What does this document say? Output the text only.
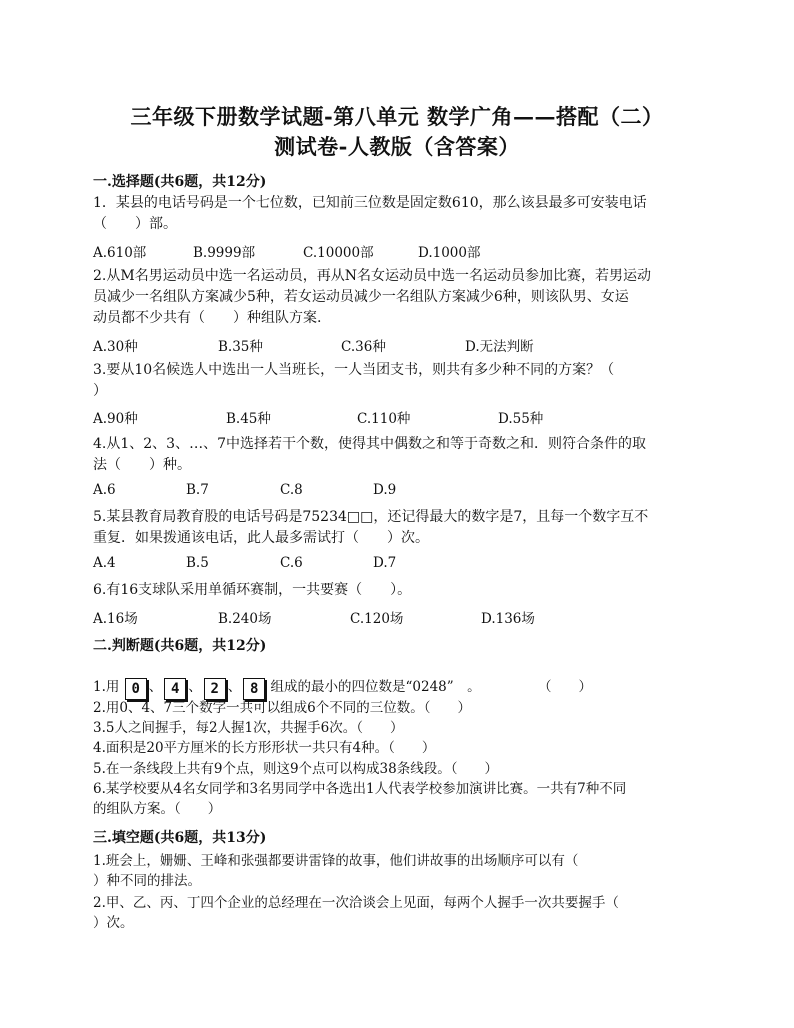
三年级下册数学试题-第八单元 数学广角——搭配（二）
测试卷-人教版（含答案）
一.选择题(共6题，共12分)
1．某县的电话号码是一个七位数，已知前三位数是固定数610，那么该县最多可安装电话
（　　）部。
A.610部	B.9999部	C.10000部	D.1000部
2.从M名男运动员中选一名运动员，再从N名女运动员中选一名运动员参加比赛，若男运动
员减少一名组队方案减少5种，若女运动员减少一名组队方案减少6种，则该队男、女运
动员都不少共有（　　）种组队方案.
A.30种	B.35种	C.36种	D.无法判断
3.要从10名候选人中选出一人当班长，一人当团支书，则共有多少种不同的方案？（
）
A.90种	B.45种	C.110种	D.55种
4.从1、2、3、…、7中选择若干个数，使得其中偶数之和等于奇数之和．则符合条件的取
法（　　）种。
A.6	B.7	C.8	D.9
5.某县教育局教育股的电话号码是75234□□，还记得最大的数字是7，且每一个数字互不
重复．如果拨通该电话，此人最多需试打（　　）次。
A.4	B.5	C.6	D.7
6.有16支球队采用单循环赛制，一共要赛（　　）。
A.16场	B.240场	C.120场	D.136场
二.判断题(共6题，共12分)
1.用 0 、 4 、 2 、 8 组成的最小的四位数是“0248”　。	（　　）
2.用0、4、7三个数字一共可以组成6个不同的三位数。（　　）
3.5人之间握手，每2人握1次，共握手6次。（　　）
4.面积是20平方厘米的长方形形状一共只有4种。（　　）
5.在一条线段上共有9个点，则这9个点可以构成38条线段。（　　）
6.某学校要从4名女同学和3名男同学中各选出1人代表学校参加演讲比赛。一共有7种不同
的组队方案。（　　）
三.填空题(共6题，共13分)
1.班会上，姗姗、王峰和张强都要讲雷锋的故事，他们讲故事的出场顺序可以有（
）种不同的排法。
2.甲、乙、丙、丁四个企业的总经理在一次洽谈会上见面，每两个人握手一次共要握手（
）次。
